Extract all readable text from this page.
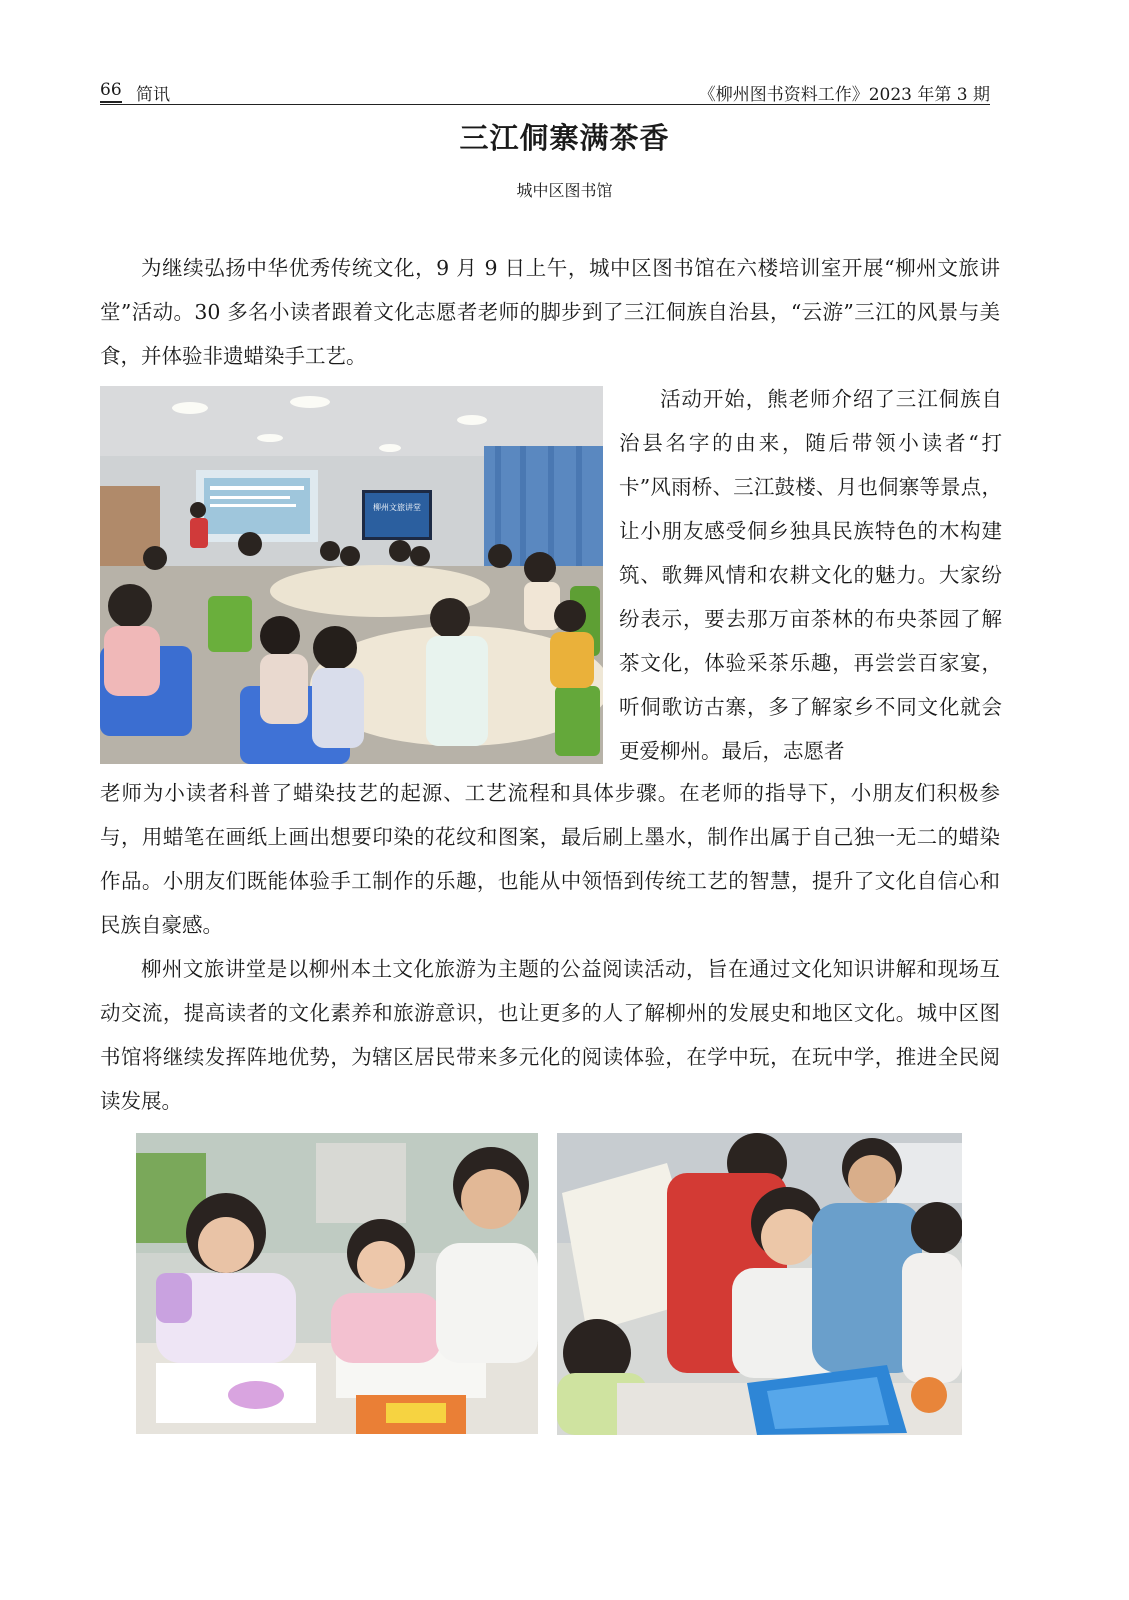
66 简讯	《柳州图书资料工作》2023 年第 3 期
三江侗寨满茶香
城中区图书馆

为继续弘扬中华优秀传统文化，9 月 9 日上午，城中区图书馆在六楼培训室开展“柳州文旅讲堂”活动。30 多名小读者跟着文化志愿者老师的脚步到了三江侗族自治县，“云游”三江的风景与美食，并体验非遗蜡染手工艺。

柳州文旅讲堂

活动开始，熊老师介绍了三江侗族自治县名字的由来，随后带领小读者“打卡”风雨桥、三江鼓楼、月也侗寨等景点，让小朋友感受侗乡独具民族特色的木构建筑、歌舞风情和农耕文化的魅力。大家纷纷表示，要去那万亩茶林的布央茶园了解茶文化，体验采茶乐趣，再尝尝百家宴，听侗歌访古寨，多了解家乡不同文化就会更爱柳州。最后，志愿者

老师为小读者科普了蜡染技艺的起源、工艺流程和具体步骤。在老师的指导下，小朋友们积极参与，用蜡笔在画纸上画出想要印染的花纹和图案，最后刷上墨水，制作出属于自己独一无二的蜡染作品。小朋友们既能体验手工制作的乐趣，也能从中领悟到传统工艺的智慧，提升了文化自信心和民族自豪感。

柳州文旅讲堂是以柳州本土文化旅游为主题的公益阅读活动，旨在通过文化知识讲解和现场互动交流，提高读者的文化素养和旅游意识，也让更多的人了解柳州的发展史和地区文化。城中区图书馆将继续发挥阵地优势，为辖区居民带来多元化的阅读体验，在学中玩，在玩中学，推进全民阅读发展。
